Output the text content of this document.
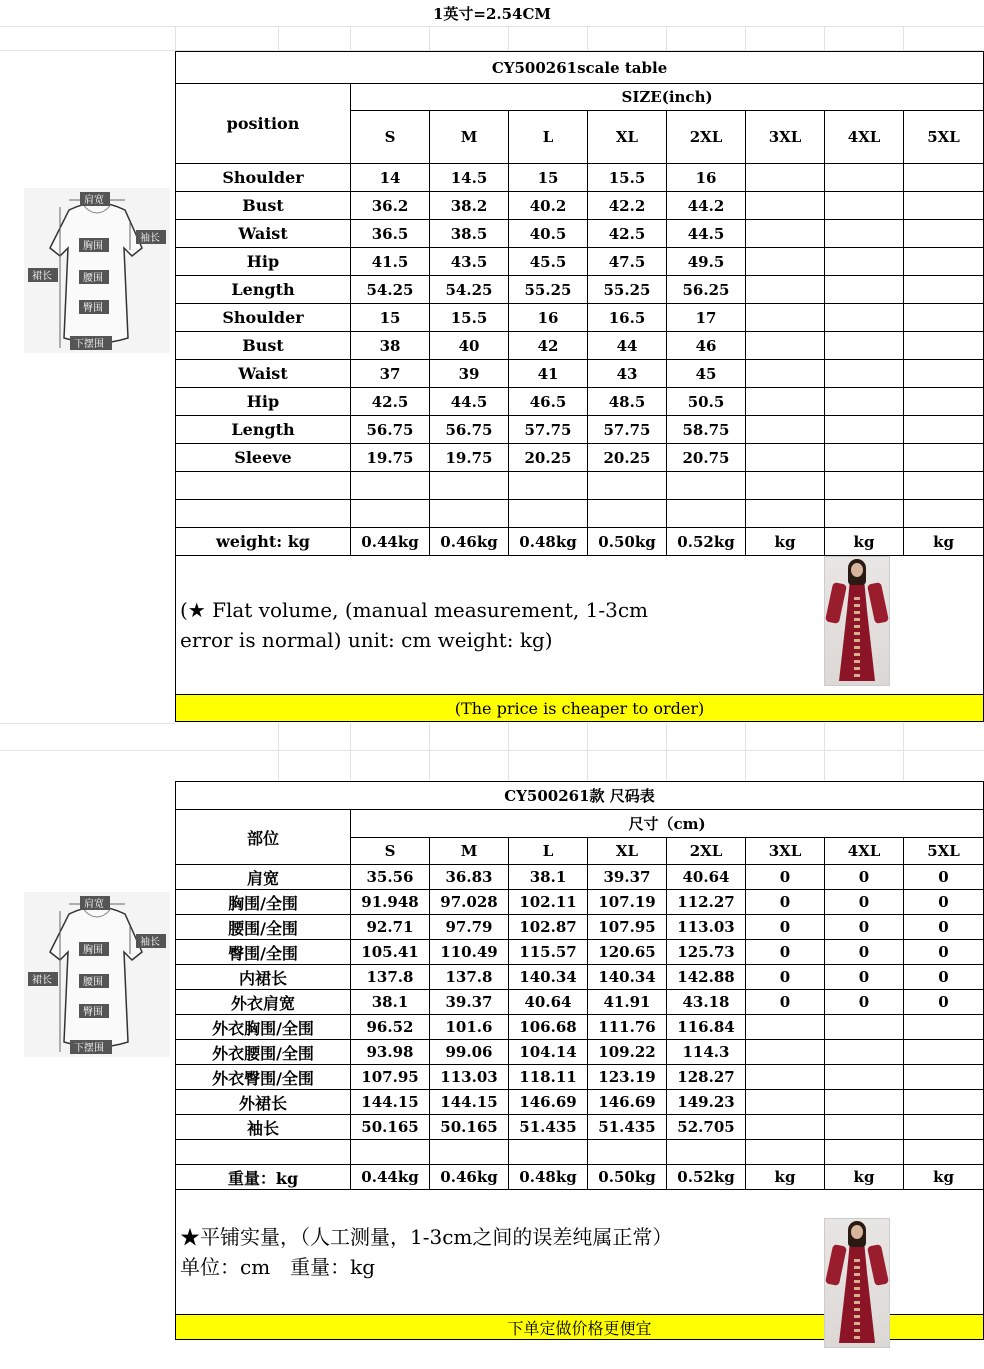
1英寸=2.54CM
肩宽
袖长
胸围
裙长	腰围
臀围
下摆围
肩宽
袖长
胸围
裙长	腰围
臀围
下摆围
CY500261scale table								
position	SIZE(inch)							
	S	M	L	XL	2XL	3XL	4XL	5XL
Shoulder	14	14.5	15	15.5	16			
Bust	36.2	38.2	40.2	42.2	44.2			
Waist	36.5	38.5	40.5	42.5	44.5			
Hip	41.5	43.5	45.5	47.5	49.5			
Length	54.25	54.25	55.25	55.25	56.25			
Shoulder	15	15.5	16	16.5	17			
Bust	38	40	42	44	46			
Waist	37	39	41	43	45			
Hip	42.5	44.5	46.5	48.5	50.5			
Length	56.75	56.75	57.75	57.75	58.75			
Sleeve	19.75	19.75	20.25	20.25	20.75			

weight: kg	0.44kg	0.46kg	0.48kg	0.50kg	0.52kg	kg	kg	kg

(★ Flat volume, (manual measurement, 1-3cm
error is normal) unit: cm weight: kg)								

(The price is cheaper to order)								
CY500261款 尺码表								
部位	尺寸（cm)							
	S	M	L	XL	2XL	3XL	4XL	5XL
肩宽	35.56	36.83	38.1	39.37	40.64	0	0	0
胸围/全围	91.948	97.028	102.11	107.19	112.27	0	0	0
腰围/全围	92.71	97.79	102.87	107.95	113.03	0	0	0
臀围/全围	105.41	110.49	115.57	120.65	125.73	0	0	0
内裙长	137.8	137.8	140.34	140.34	142.88	0	0	0
外衣肩宽	38.1	39.37	40.64	41.91	43.18	0	0	0
外衣胸围/全围	96.52	101.6	106.68	111.76	116.84			
外衣腰围/全围	93.98	99.06	104.14	109.22	114.3			
外衣臀围/全围	107.95	113.03	118.11	123.19	128.27			
外裙长	144.15	144.15	146.69	146.69	149.23			
袖长	50.165	50.165	51.435	51.435	52.705			

重量：kg	0.44kg	0.46kg	0.48kg	0.50kg	0.52kg	kg	kg	kg

★平铺实量，（人工测量，1-3cm之间的误差纯属正常）
单位：cm　重量：kg								

下单定做价格更便宜								
